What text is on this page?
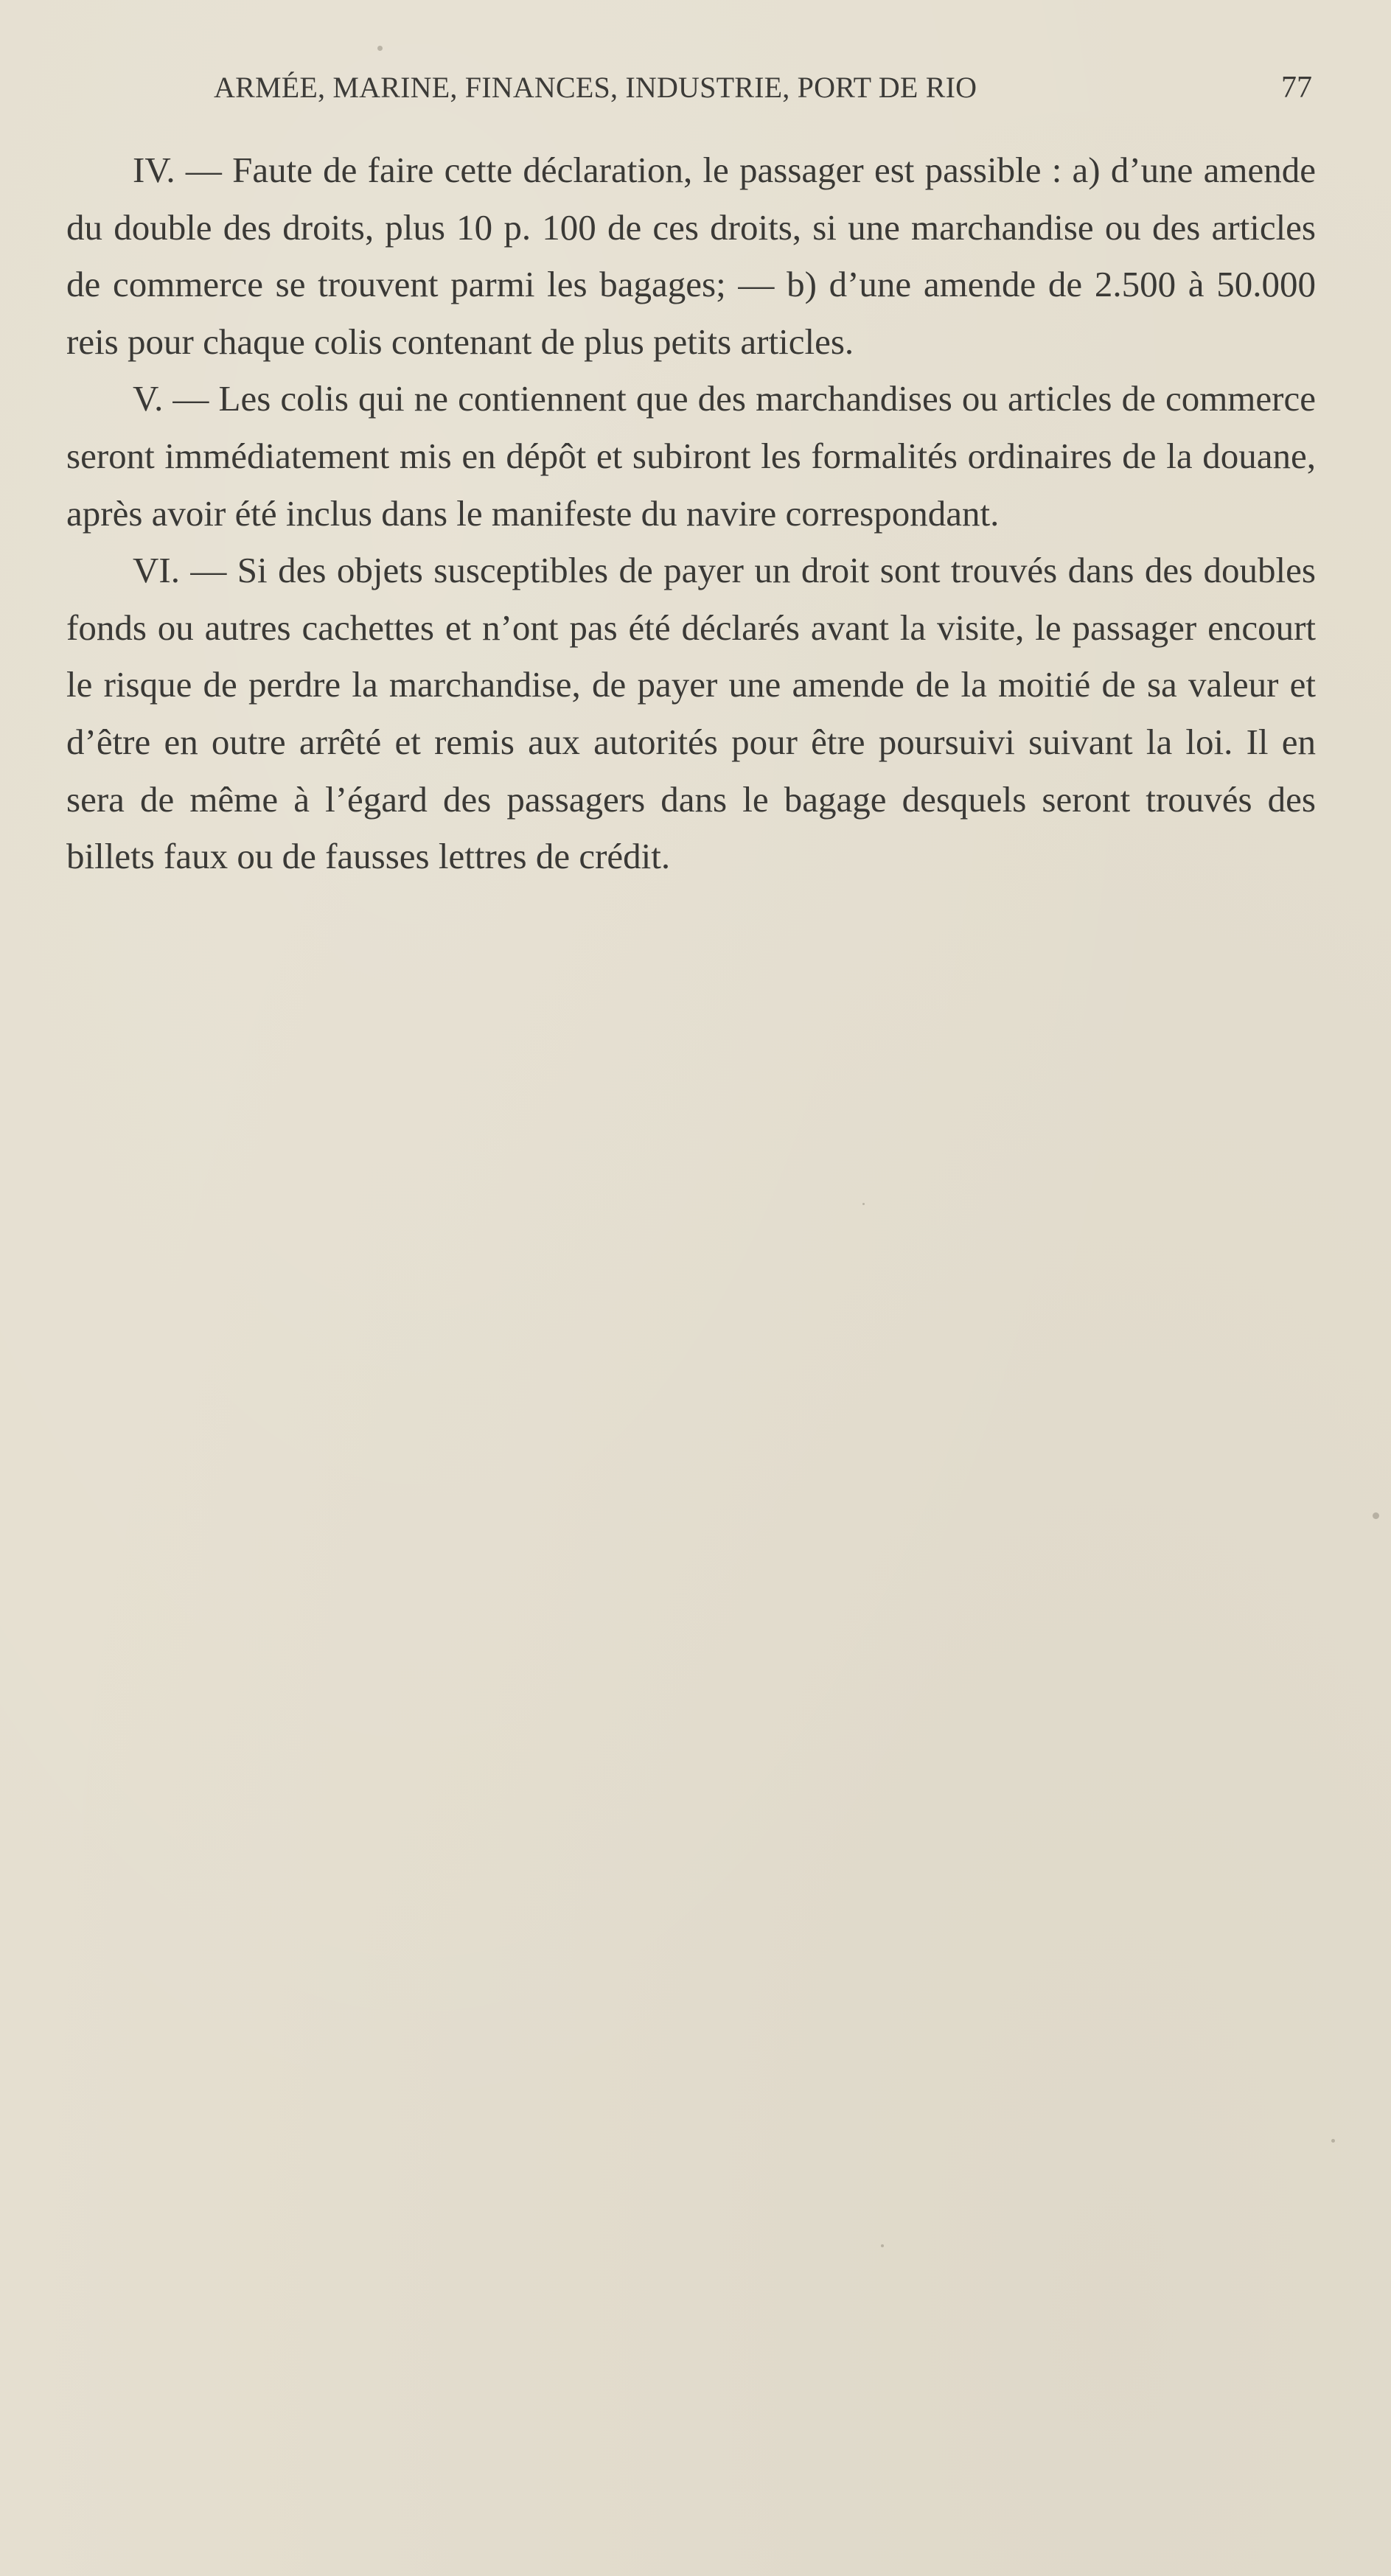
ARMÉE, MARINE, FINANCES, INDUSTRIE, PORT DE RIO	77

IV. — Faute de faire cette déclaration, le passager est passible : a) d’une amende du double des droits, plus 10 p. 100 de ces droits, si une marchandise ou des articles de commerce se trouvent parmi les bagages; — b) d’une amende de 2.500 à 50.000 reis pour chaque colis contenant de plus petits articles.

V. — Les colis qui ne contiennent que des marchandises ou articles de commerce seront immédiatement mis en dépôt et subiront les formalités ordinaires de la douane, après avoir été inclus dans le manifeste du navire correspondant.

VI. — Si des objets susceptibles de payer un droit sont trouvés dans des doubles fonds ou autres cachettes et n’ont pas été déclarés avant la visite, le passager encourt le risque de perdre la marchandise, de payer une amende de la moitié de sa valeur et d’être en outre arrêté et remis aux autorités pour être poursuivi suivant la loi. Il en sera de même à l’égard des passagers dans le bagage desquels seront trouvés des billets faux ou de fausses lettres de crédit.
